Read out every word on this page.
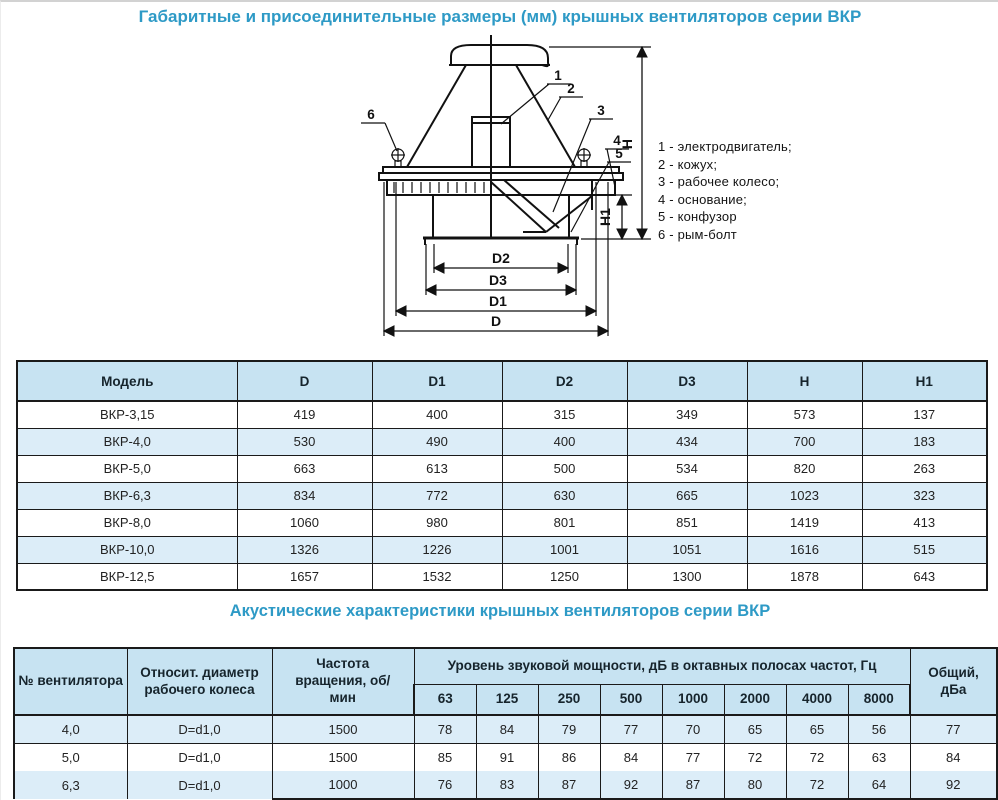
Габаритные и присоединительные размеры (мм) крышных вентиляторов серии ВКР
D2
D3
D1
D
H
H1
1
2
3
4
5
6
1 - электродвигатель;
2 - кожух;
3 - рабочее колесо;
4 - основание;
5 - конфузор
6 - рым-болт
Модель	D	D1	D2	D3	H	H1
ВКР-3,15	419	400	315	349	573	137
ВКР-4,0	530	490	400	434	700	183
ВКР-5,0	663	613	500	534	820	263
ВКР-6,3	834	772	630	665	1023	323
ВКР-8,0	1060	980	801	851	1419	413
ВКР-10,0	1326	1226	1001	1051	1616	515
ВКР-12,5	1657	1532	1250	1300	1878	643
Акустические характеристики крышных вентиляторов серии ВКР
№ вентилятора	Относит. диаметр рабочего колеса	Частота вращения, об/мин	Уровень звуковой мощности, дБ в октавных полосах частот, Гц								Общий, дБа
			63	125	250	500	1000	2000	4000	8000	
4,0	D=d1,0	1500	78	84	79	77	70	65	65	56	77
5,0	D=d1,0	1500	85	91	86	84	77	72	72	63	84
6,3	D=d1,0	1000	76	83	87	92	87	80	72	64	92
